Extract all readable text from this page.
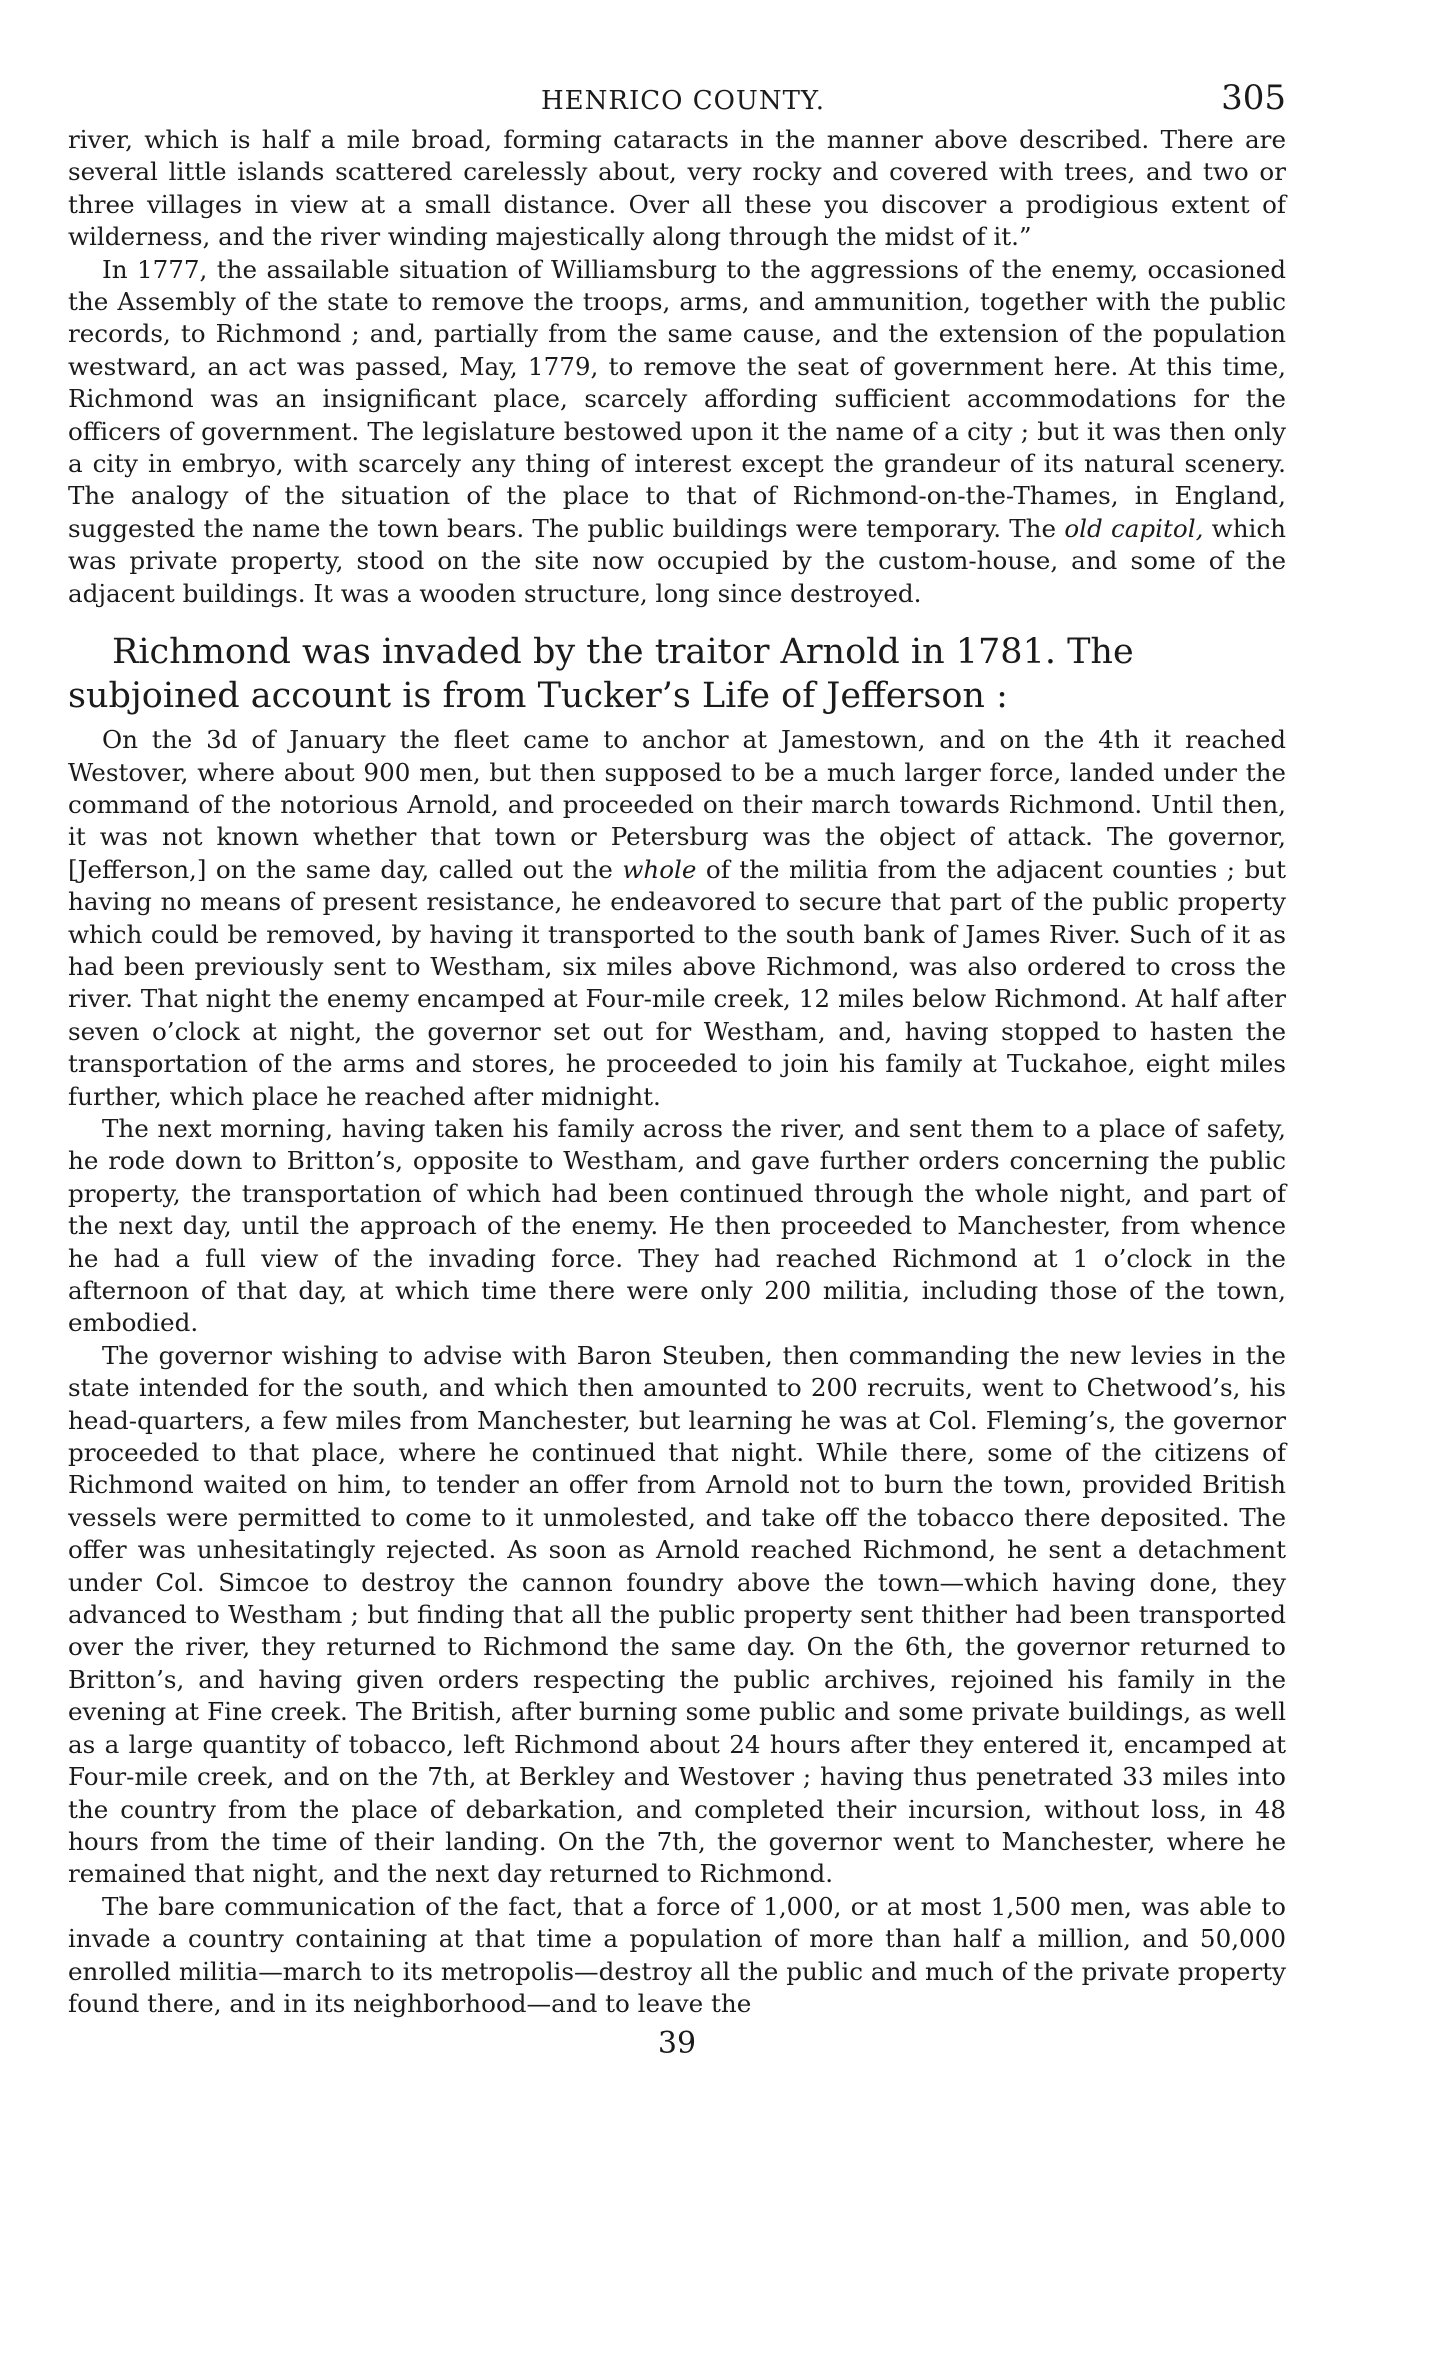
HENRICO COUNTY.	305

river, which is half a mile broad, forming cataracts in the manner above described. There are several little islands scattered carelessly about, very rocky and covered with trees, and two or three villages in view at a small distance. Over all these you discover a prodigious extent of wilderness, and the river winding majestically along through the midst of it.”

In 1777, the assailable situation of Williamsburg to the aggressions of the enemy, occasioned the Assembly of the state to remove the troops, arms, and ammunition, together with the public records, to Richmond ; and, partially from the same cause, and the extension of the population westward, an act was passed, May, 1779, to remove the seat of government here. At this time, Richmond was an insignificant place, scarcely affording sufficient accommodations for the officers of government. The legislature bestowed upon it the name of a city ; but it was then only a city in embryo, with scarcely any thing of interest except the grandeur of its natural scenery. The analogy of the situation of the place to that of Richmond-on-the-Thames, in England, suggested the name the town bears. The public buildings were temporary. The old capitol, which was private property, stood on the site now occupied by the custom-house, and some of the adjacent buildings. It was a wooden structure, long since destroyed.

Richmond was invaded by the traitor Arnold in 1781. The subjoined account is from Tucker’s Life of Jefferson :

On the 3d of January the fleet came to anchor at Jamestown, and on the 4th it reached Westover, where about 900 men, but then supposed to be a much larger force, landed under the command of the notorious Arnold, and proceeded on their march towards Richmond. Until then, it was not known whether that town or Petersburg was the object of attack. The governor, [Jefferson,] on the same day, called out the whole of the militia from the adjacent counties ; but having no means of present resistance, he endeavored to secure that part of the public property which could be removed, by having it transported to the south bank of James River. Such of it as had been previously sent to Westham, six miles above Richmond, was also ordered to cross the river. That night the enemy encamped at Four-mile creek, 12 miles below Richmond. At half after seven o’clock at night, the governor set out for Westham, and, having stopped to hasten the transportation of the arms and stores, he proceeded to join his family at Tuckahoe, eight miles further, which place he reached after midnight.

The next morning, having taken his family across the river, and sent them to a place of safety, he rode down to Britton’s, opposite to Westham, and gave further orders concerning the public property, the transportation of which had been continued through the whole night, and part of the next day, until the approach of the enemy. He then proceeded to Manchester, from whence he had a full view of the invading force. They had reached Richmond at 1 o’clock in the afternoon of that day, at which time there were only 200 militia, including those of the town, embodied.

The governor wishing to advise with Baron Steuben, then commanding the new levies in the state intended for the south, and which then amounted to 200 recruits, went to Chetwood’s, his head-quarters, a few miles from Manchester, but learning he was at Col. Fleming’s, the governor proceeded to that place, where he continued that night. While there, some of the citizens of Richmond waited on him, to tender an offer from Arnold not to burn the town, provided British vessels were permitted to come to it unmolested, and take off the tobacco there deposited. The offer was unhesitatingly rejected. As soon as Arnold reached Richmond, he sent a detachment under Col. Simcoe to destroy the cannon foundry above the town—which having done, they advanced to Westham ; but finding that all the public property sent thither had been transported over the river, they returned to Richmond the same day. On the 6th, the governor returned to Britton’s, and having given orders respecting the public archives, rejoined his family in the evening at Fine creek. The British, after burning some public and some private buildings, as well as a large quantity of tobacco, left Richmond about 24 hours after they entered it, encamped at Four-mile creek, and on the 7th, at Berkley and Westover ; having thus penetrated 33 miles into the country from the place of debarkation, and completed their incursion, without loss, in 48 hours from the time of their landing. On the 7th, the governor went to Manchester, where he remained that night, and the next day returned to Richmond.

The bare communication of the fact, that a force of 1,000, or at most 1,500 men, was able to invade a country containing at that time a population of more than half a million, and 50,000 enrolled militia—march to its metropolis—destroy all the public and much of the private property found there, and in its neighborhood—and to leave the

39
